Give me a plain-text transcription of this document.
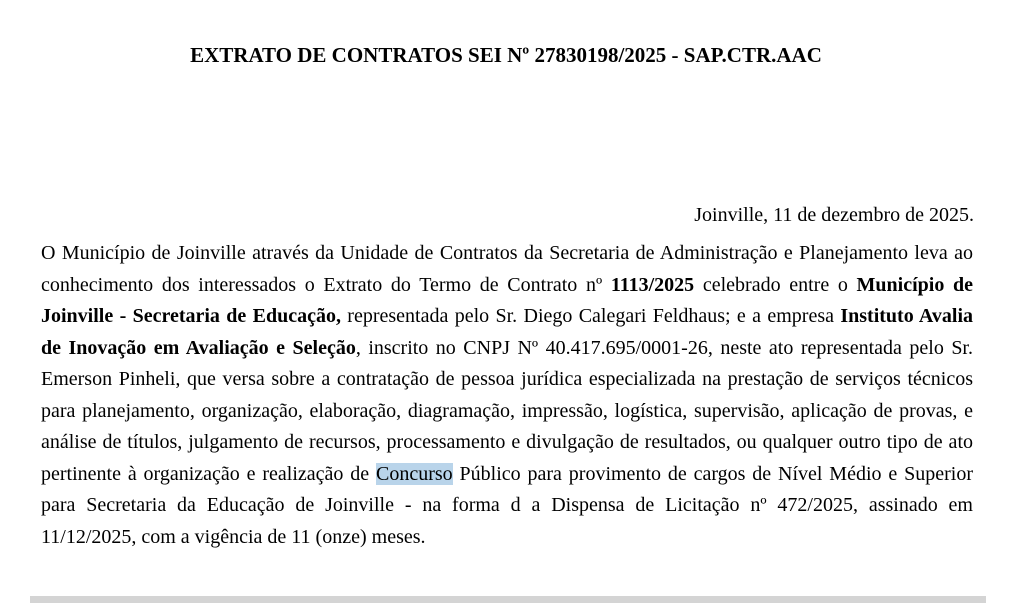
EXTRATO DE CONTRATOS SEI Nº 27830198/2025 - SAP.CTR.AAC
Joinville, 11 de dezembro de 2025.

O Município de Joinville através da Unidade de Contratos da Secretaria de Administração e Planejamento leva ao conhecimento dos interessados o Extrato do Termo de Contrato nº 1113/2025 celebrado entre o Município de Joinville - Secretaria de Educação, representada pelo Sr. Diego Calegari Feldhaus; e a empresa Instituto Avalia de Inovação em Avaliação e Seleção, inscrito no CNPJ Nº 40.417.695/0001-26, neste ato representada pelo Sr. Emerson Pinheli, que versa sobre a contratação de pessoa jurídica especializada na prestação de serviços técnicos para planejamento, organização, elaboração, diagramação, impressão, logística, supervisão, aplicação de provas, e análise de títulos, julgamento de recursos, processamento e divulgação de resultados, ou qualquer outro tipo de ato pertinente à organização e realização de Concurso Público para provimento de cargos de Nível Médio e Superior para Secretaria da Educação de Joinville - na forma d a Dispensa de Licitação nº 472/2025, assinado em 11/12/2025, com a vigência de 11 (onze) meses.
